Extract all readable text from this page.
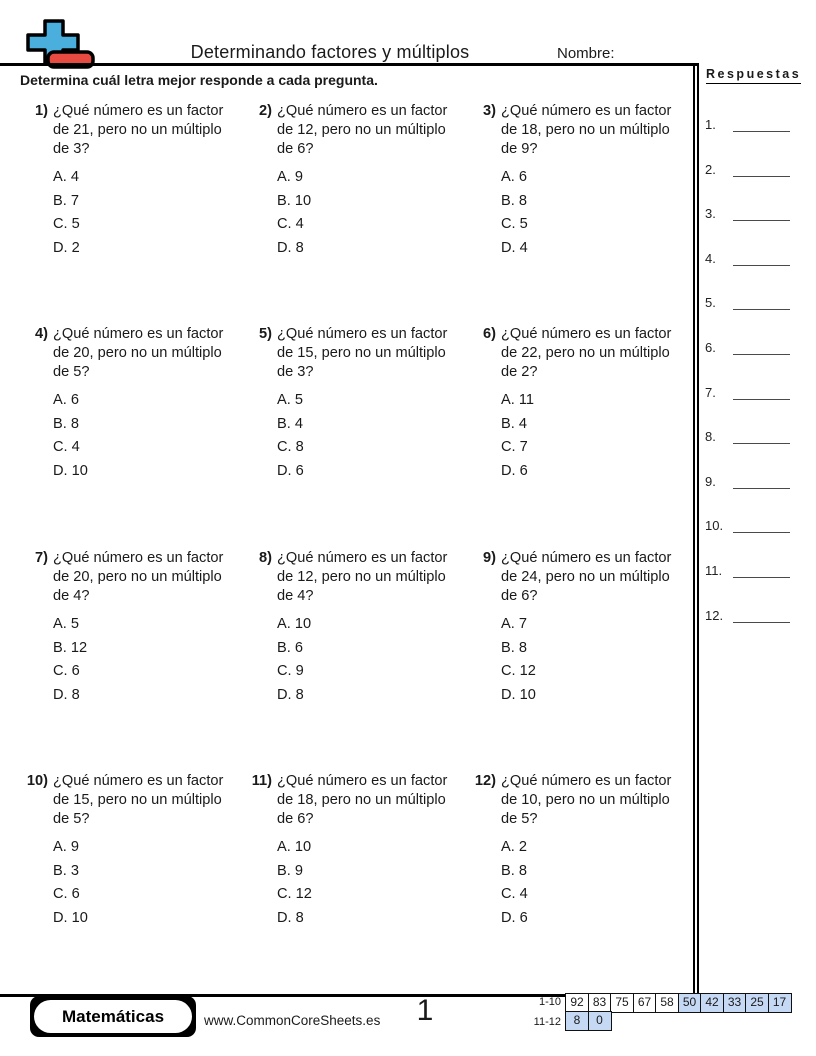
Determinando factores y múltiplos	Nombre:
Determina cuál letra mejor responde a cada pregunta.	Respuestas
1.
2.
3.
4.
5.
6.
7.
8.
9.
10.
11.
12.
1) ¿Qué número es un factor de 21, pero no un múltiplo de 3?
A. 4
B. 7
C. 5
D. 2
2) ¿Qué número es un factor de 12, pero no un múltiplo de 6?
A. 9
B. 10
C. 4
D. 8
3) ¿Qué número es un factor de 18, pero no un múltiplo de 9?
A. 6
B. 8
C. 5
D. 4
4) ¿Qué número es un factor de 20, pero no un múltiplo de 5?
A. 6
B. 8
C. 4
D. 10
5) ¿Qué número es un factor de 15, pero no un múltiplo de 3?
A. 5
B. 4
C. 8
D. 6
6) ¿Qué número es un factor de 22, pero no un múltiplo de 2?
A. 11
B. 4
C. 7
D. 6
7) ¿Qué número es un factor de 20, pero no un múltiplo de 4?
A. 5
B. 12
C. 6
D. 8
8) ¿Qué número es un factor de 12, pero no un múltiplo de 4?
A. 10
B. 6
C. 9
D. 8
9) ¿Qué número es un factor de 24, pero no un múltiplo de 6?
A. 7
B. 8
C. 12
D. 10
10) ¿Qué número es un factor de 15, pero no un múltiplo de 5?
A. 9
B. 3
C. 6
D. 10
11) ¿Qué número es un factor de 18, pero no un múltiplo de 6?
A. 10
B. 9
C. 12
D. 8
12) ¿Qué número es un factor de 10, pero no un múltiplo de 5?
A. 2
B. 8
C. 4
D. 6
Matemáticas	www.CommonCoreSheets.es	1	1-10 92 83 75 67 58 50 42 33 25 17
11-12	8	0
